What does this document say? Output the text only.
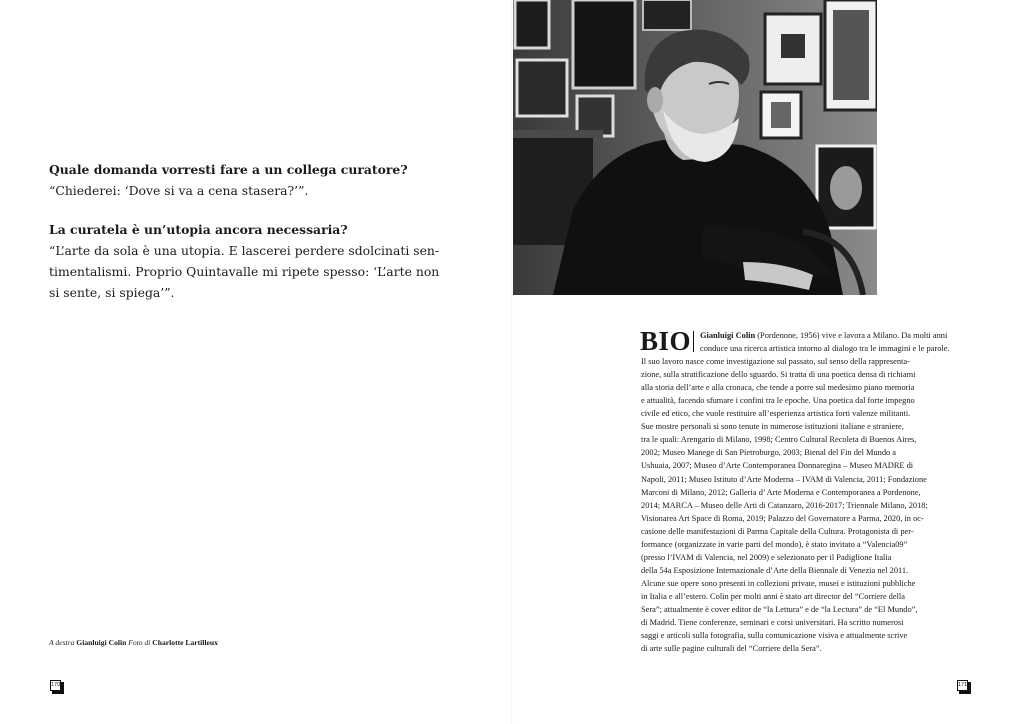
Quale domanda vorresti fare a un collega curatore?

“Chiederei: ‘Dove si va a cena stasera?’”.

La curatela è un’utopia ancora necessaria?

“L’arte da sola è una utopia. E lascerei perdere sdolcinati sen-

timentalismi. Proprio Quintavalle mi ripete spesso: ‘L’arte non

si sente, si spiega’”.

A destra Gianluigi Colin Foto di Charlotte Lartilleux
170
BIO	Gianluigi Colin (Pordenone, 1956) vive e lavora a Milano. Da molti anni
conduce una ricerca artistica intorno al dialogo tra le immagini e le parole.
Il suo lavoro nasce come investigazione sul passato, sul senso della rappresenta-
zione, sulla stratificazione dello sguardo. Si tratta di una poetica densa di richiami
alla storia dell’arte e alla cronaca, che tende a porre sul medesimo piano memoria
e attualità, facendo sfumare i confini tra le epoche. Una poetica dal forte impegno
civile ed etico, che vuole restituire all’esperienza artistica forti valenze militanti.
Sue mostre personali si sono tenute in numerose istituzioni italiane e straniere,
tra le quali: Arengario di Milano, 1998; Centro Cultural Recoleta di Buenos Aires,
2002; Museo Manege di San Pietroburgo, 2003; Bienal del Fin del Mundo a
Ushuaia, 2007; Museo d’Arte Contemporanea Donnaregina – Museo MADRE di
Napoli, 2011; Museo Istituto d’Arte Moderna – IVAM di Valencia, 2011; Fondazione
Marconi di Milano, 2012; Galleria d’ Arte Moderna e Contemporanea a Pordenone,
2014; MARCA – Museo delle Arti di Catanzaro, 2016-2017; Triennale Milano, 2018;
Visionarea Art Space di Roma, 2019; Palazzo del Governatore a Parma, 2020, in oc-
casione delle manifestazioni di Parma Capitale della Cultura. Protagonista di per-
formance (organizzate in varie parti del mondo), è stato invitato a “Valencia09”
(presso l’IVAM di Valencia, nel 2009) e selezionato per il Padiglione Italia
della 54a Esposizione Internazionale d’Arte della Biennale di Venezia nel 2011.
Alcune sue opere sono presenti in collezioni private, musei e istituzioni pubbliche
in Italia e all’estero. Colin per molti anni è stato art director del “Corriere della
Sera”; attualmente è cover editor de “la Lettura” e de “la Lectura” de “El Mundo”,
di Madrid. Tiene conferenze, seminari e corsi universitari. Ha scritto numerosi
saggi e articoli sulla fotografia, sulla comunicazione visiva e attualmente scrive
di arte sulle pagine culturali del “Corriere della Sera”.
171
